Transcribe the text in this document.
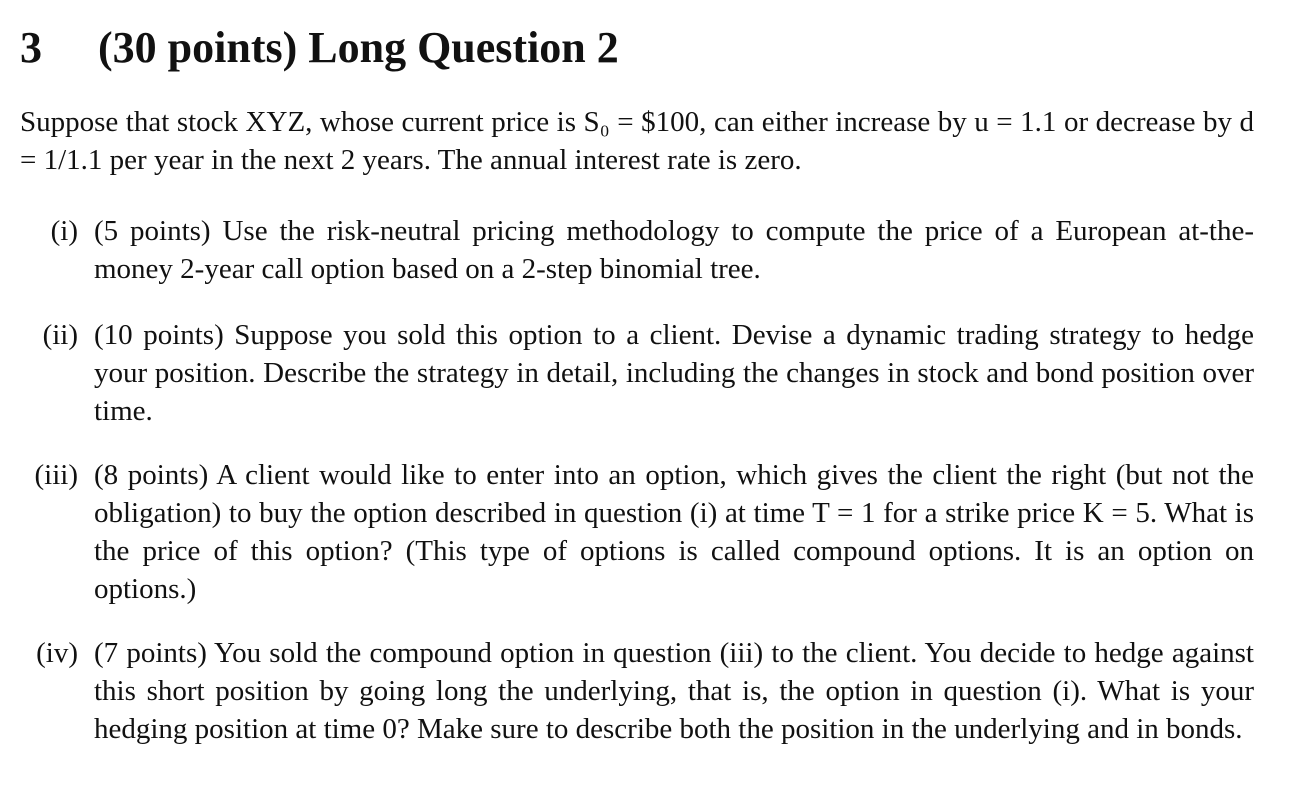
3 (30 points) Long Question 2

Suppose that stock XYZ, whose current price is S₀ = $100, can either increase by u = 1.1 or decrease by d = 1/1.1 per year in the next 2 years. The annual interest rate is zero.

(i) (5 points) Use the risk-neutral pricing methodology to compute the price of a European at-the-money 2-year call option based on a 2-step binomial tree.
(ii) (10 points) Suppose you sold this option to a client. Devise a dynamic trading strategy to hedge your position. Describe the strategy in detail, including the changes in stock and bond position over time.
(iii) (8 points) A client would like to enter into an option, which gives the client the right (but not the obligation) to buy the option described in question (i) at time T = 1 for a strike price K = 5. What is the price of this option? (This type of options is called compound options. It is an option on options.)
(iv) (7 points) You sold the compound option in question (iii) to the client. You decide to hedge against this short position by going long the underlying, that is, the option in question (i). What is your hedging position at time 0? Make sure to describe both the position in the underlying and in bonds.
